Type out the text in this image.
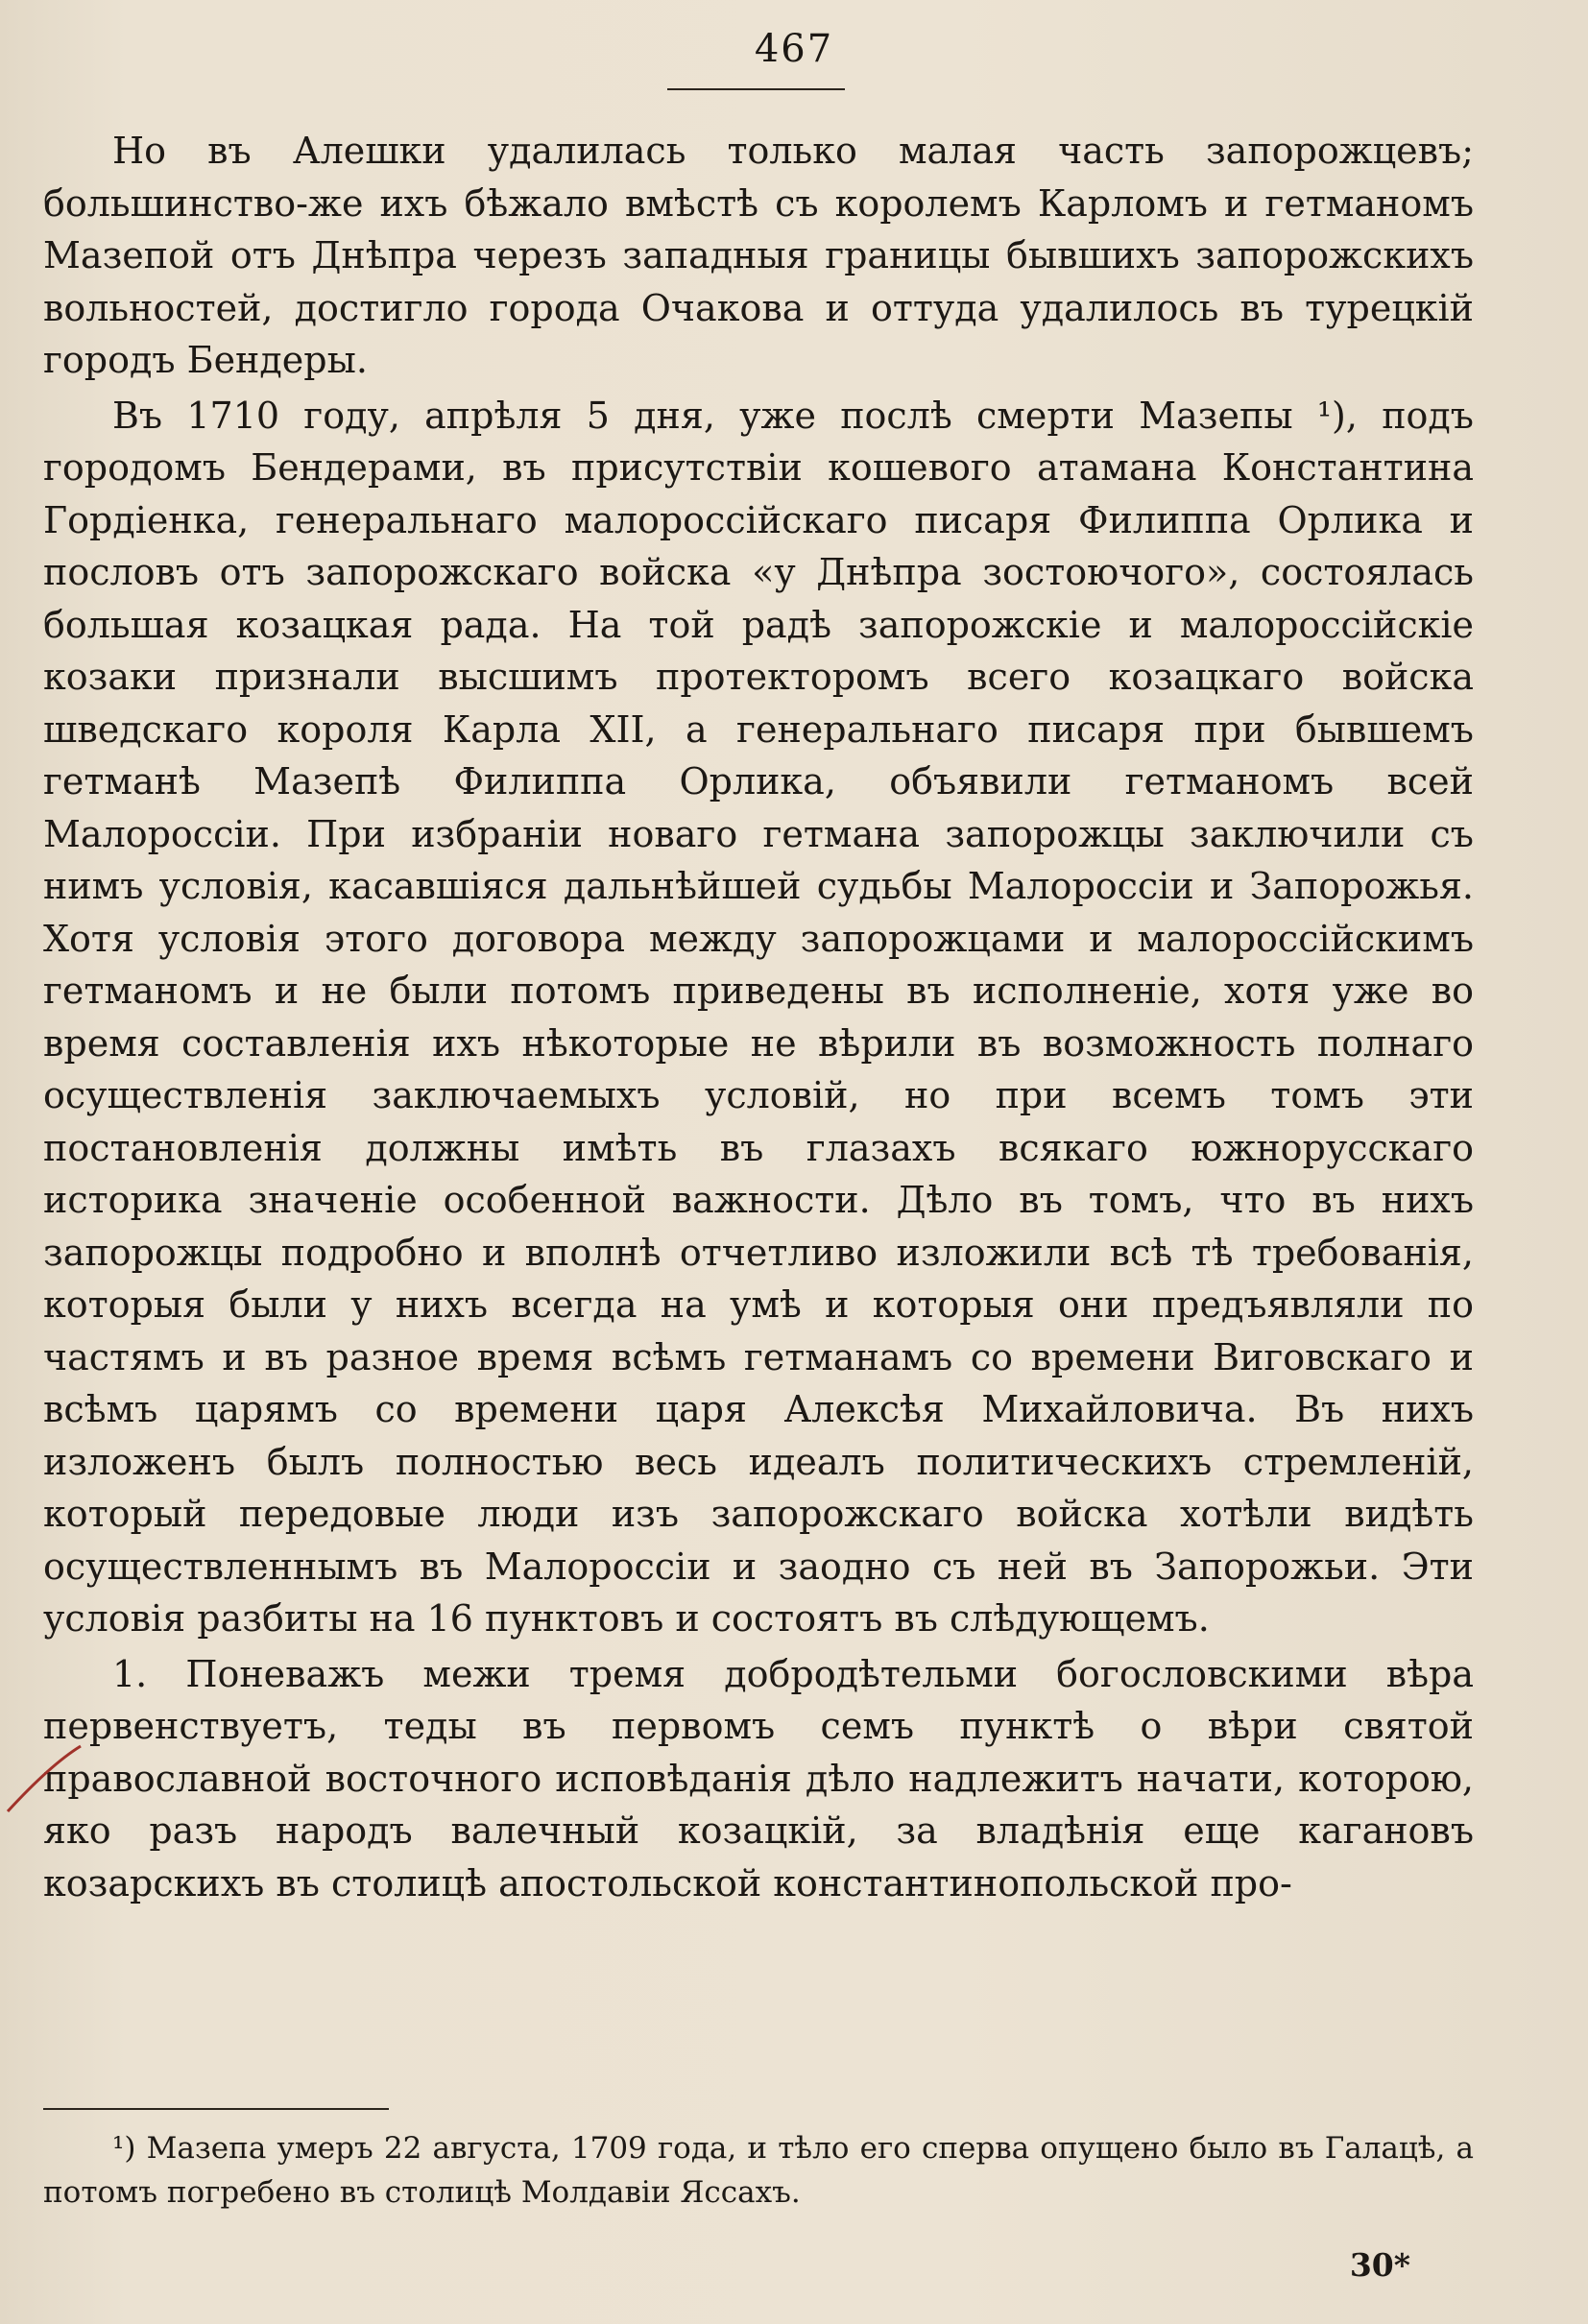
467

Но въ Алешки удалилась только малая часть запорожцевъ; большинство-же ихъ бѣжало вмѣстѣ съ королемъ Карломъ и гетманомъ Мазепой отъ Днѣпра черезъ западныя границы бывшихъ запорожскихъ вольностей, достигло города Очакова и оттуда удалилось въ турецкій городъ Бендеры.

Въ 1710 году, апрѣля 5 дня, уже послѣ смерти Мазепы ¹), подъ городомъ Бендерами, въ присутствіи кошевого атамана Константина Гордіенка, генеральнаго малороссійскаго писаря Филиппа Орлика и пословъ отъ запорожскаго войска «у Днѣпра зостоючого», состоялась большая козацкая рада. На той радѣ запорожскіе и малороссійскіе козаки признали высшимъ протекторомъ всего козацкаго войска шведскаго короля Карла XII, а генеральнаго писаря при бывшемъ гетманѣ Мазепѣ Филиппа Орлика, объявили гетманомъ всей Малороссіи. При избраніи новаго гетмана запорожцы заключили съ нимъ условія, касавшіяся дальнѣйшей судьбы Малороссіи и Запорожья. Хотя условія этого договора между запорожцами и малороссійскимъ гетманомъ и не были потомъ приведены въ исполненіе, хотя уже во время составленія ихъ нѣкоторые не вѣрили въ возможность полнаго осуществленія заключаемыхъ условій, но при всемъ томъ эти постановленія должны имѣть въ глазахъ всякаго южнорусскаго историка значеніе особенной важности. Дѣло въ томъ, что въ нихъ запорожцы подробно и вполнѣ отчетливо изложили всѣ тѣ требованія, которыя были у нихъ всегда на умѣ и которыя они предъявляли по частямъ и въ разное время всѣмъ гетманамъ со времени Виговскаго и всѣмъ царямъ со времени царя Алексѣя Михайловича. Въ нихъ изложенъ былъ полностью весь идеалъ политическихъ стремленій, который передовые люди изъ запорожскаго войска хотѣли видѣть осуществленнымъ въ Малороссіи и заодно съ ней въ Запорожьи. Эти условія разбиты на 16 пунктовъ и состоятъ въ слѣдующемъ.

1. Поневажъ межи тремя добродѣтельми богословскими вѣра первенствуетъ, теды въ первомъ семъ пунктѣ о вѣри святой православной восточного исповѣданія дѣло надлежитъ начати, которою, яко разъ народъ валечный козацкій, за владѣнія еще кагановъ козарскихъ въ столицѣ апостольской константинопольской про-

¹) Мазепа умеръ 22 августа, 1709 года, и тѣло его сперва опущено было въ Галацѣ, а потомъ погребено въ столицѣ Молдавіи Яссахъ.
30*
